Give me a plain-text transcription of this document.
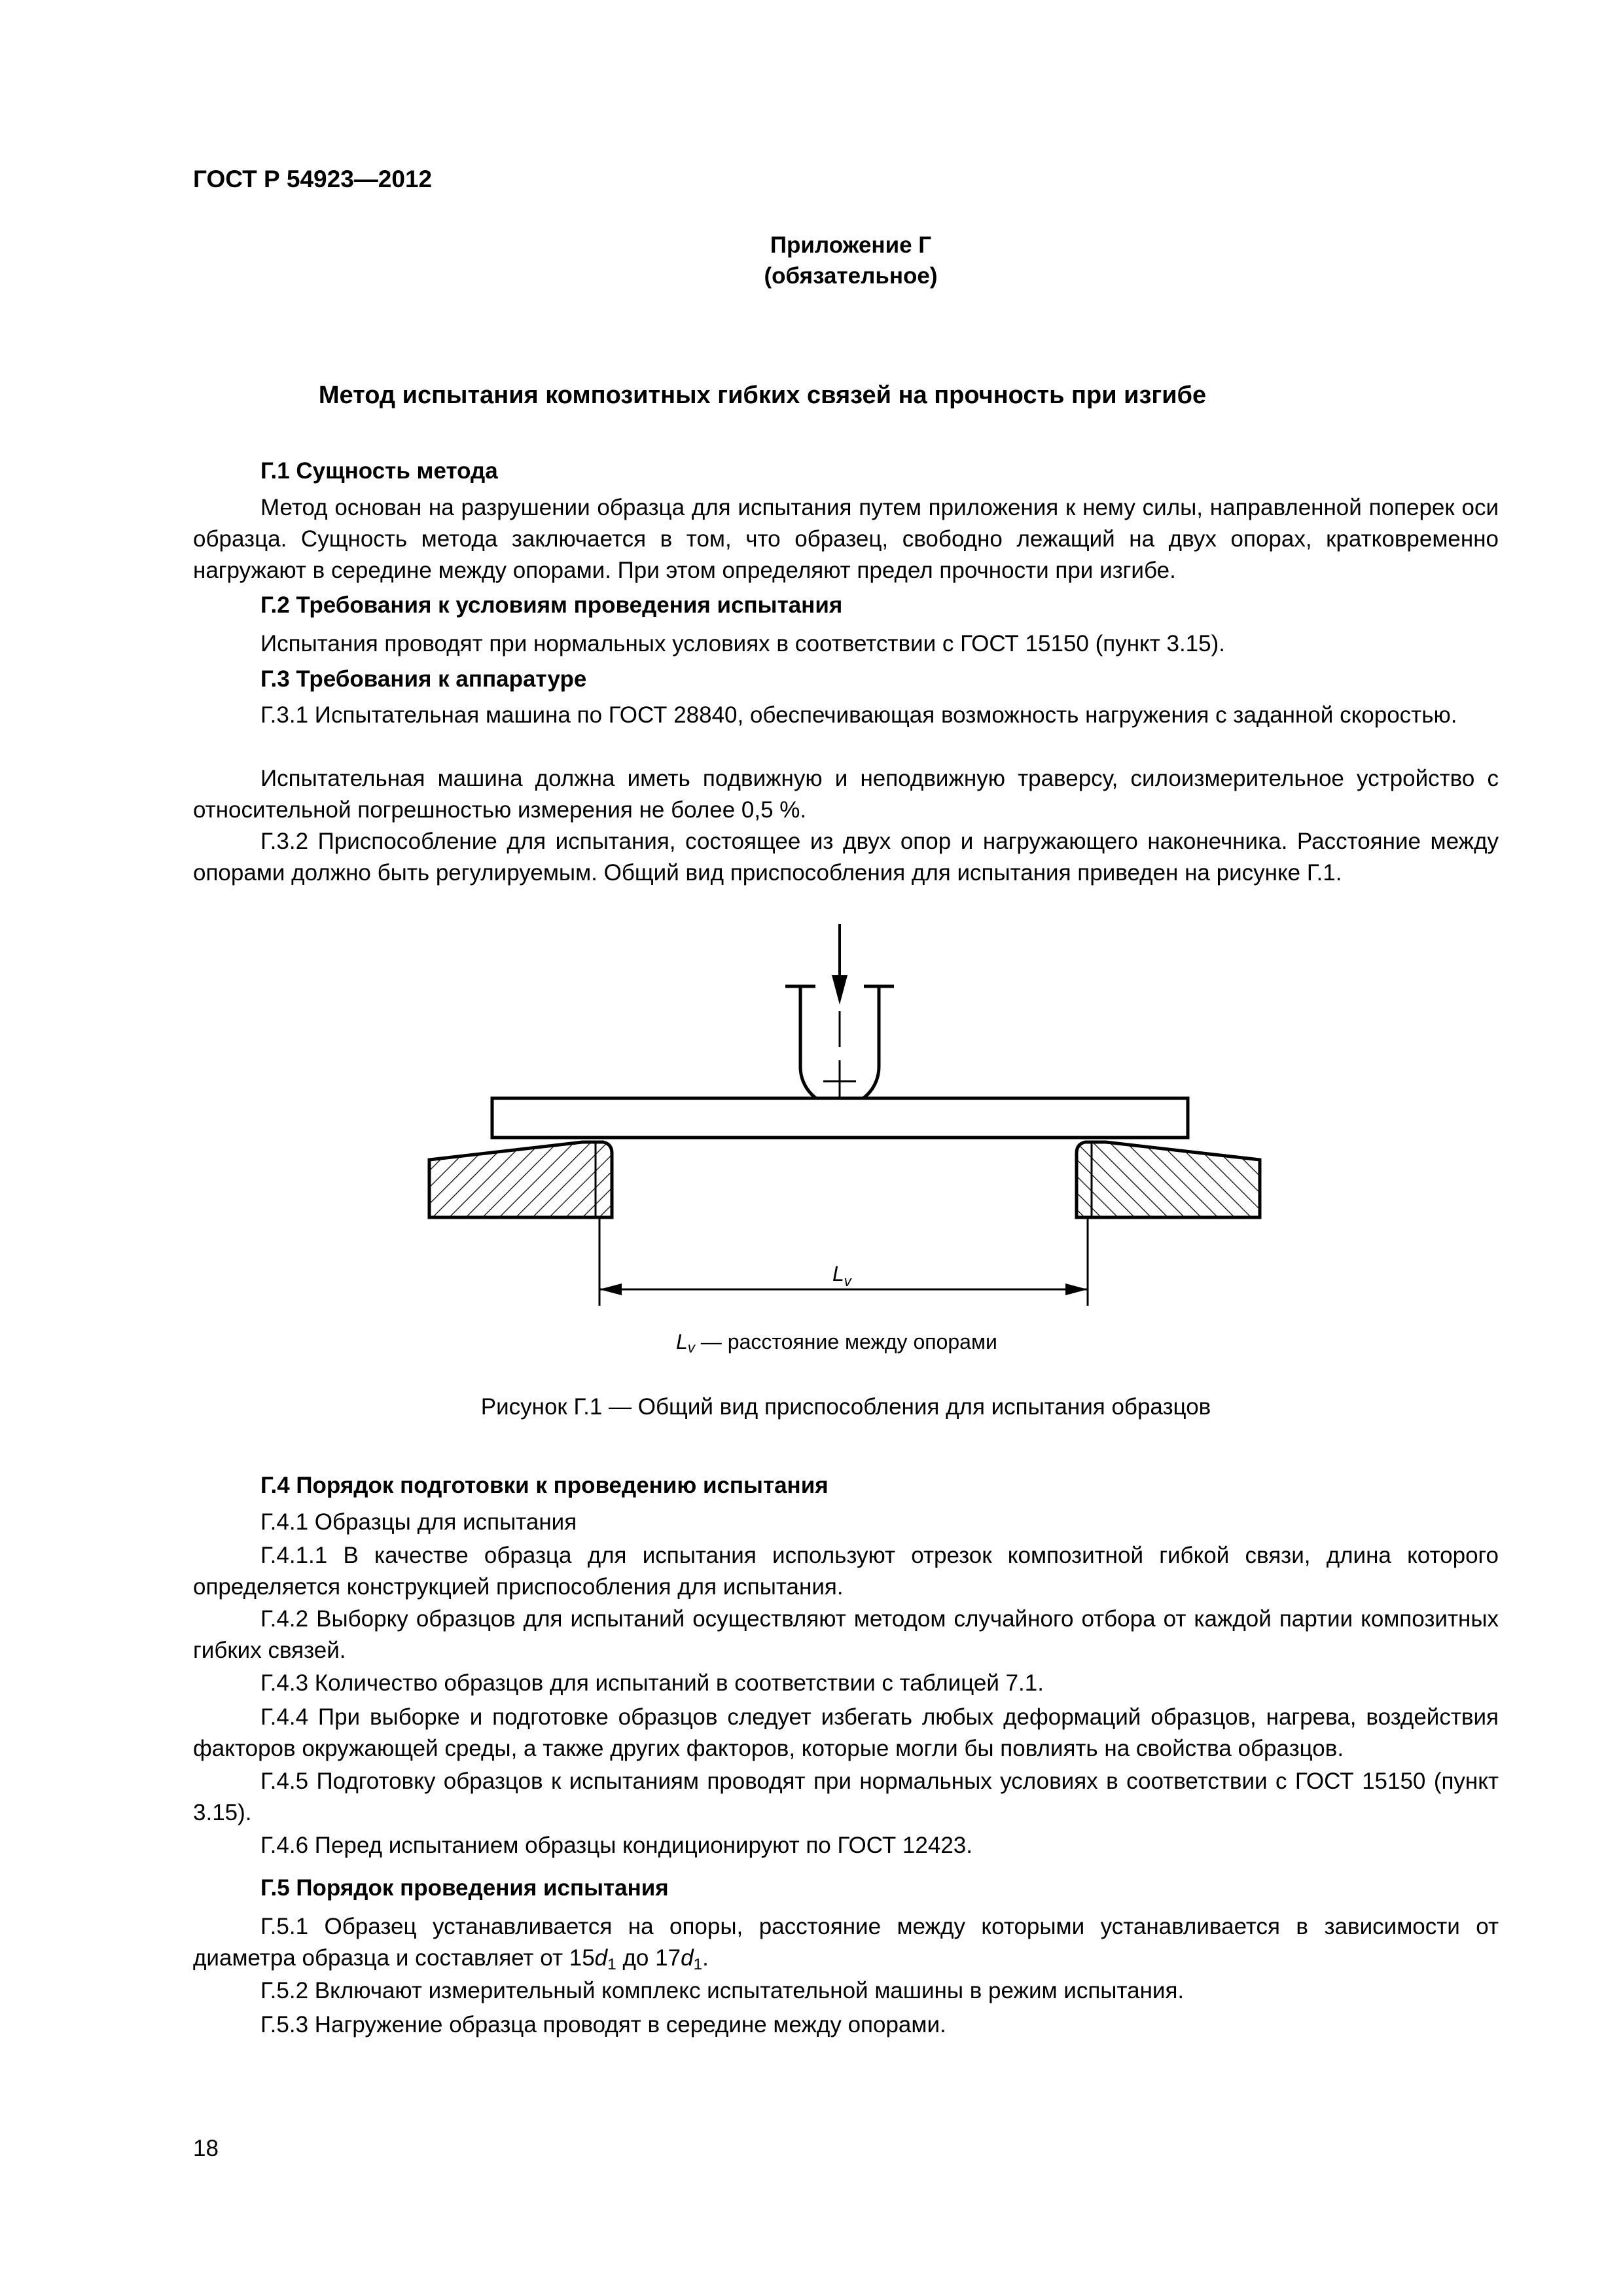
ГОСТ Р 54923—2012
Приложение Г
(обязательное)
Метод испытания композитных гибких связей на прочность при изгибе
Г.1 Сущность метода

Метод основан на разрушении образца для испытания путем приложения к нему силы, направленной поперек оси образца. Сущность метода заключается в том, что образец, свободно лежащий на двух опорах, кратковременно нагружают в середине между опорами. При этом определяют предел прочности при изгибе.

Г.2 Требования к условиям проведения испытания

Испытания проводят при нормальных условиях в соответствии с ГОСТ 15150 (пункт 3.15).

Г.3 Требования к аппаратуре

Г.3.1 Испытательная машина по ГОСТ 28840, обеспечивающая возможность нагружения с заданной скоростью.

Испытательная машина должна иметь подвижную и неподвижную траверсу, силоизмерительное устройство с относительной погрешностью измерения не более 0,5 %.

Г.3.2 Приспособление для испытания, состоящее из двух опор и нагружающего наконечника. Расстояние между опорами должно быть регулируемым. Общий вид приспособления для испытания приведен на рисунке Г.1.

$L_v$
$L_v$ — расстояние между опорами
Рисунок Г.1 — Общий вид приспособления для испытания образцов
Г.4 Порядок подготовки к проведению испытания

Г.4.1 Образцы для испытания

Г.4.1.1 В качестве образца для испытания используют отрезок композитной гибкой связи, длина которого определяется конструкцией приспособления для испытания.

Г.4.2 Выборку образцов для испытаний осуществляют методом случайного отбора от каждой партии композитных гибких связей.

Г.4.3 Количество образцов для испытаний в соответствии с таблицей 7.1.

Г.4.4 При выборке и подготовке образцов следует избегать любых деформаций образцов, нагрева, воздействия факторов окружающей среды, а также других факторов, которые могли бы повлиять на свойства образцов.

Г.4.5 Подготовку образцов к испытаниям проводят при нормальных условиях в соответствии с ГОСТ 15150 (пункт 3.15).

Г.4.6 Перед испытанием образцы кондиционируют по ГОСТ 12423.

Г.5 Порядок проведения испытания

Г.5.1 Образец устанавливается на опоры, расстояние между которыми устанавливается в зависимости от диаметра образца и составляет от $15d_1$ до $17d_1$.

Г.5.2 Включают измерительный комплекс испытательной машины в режим испытания.

Г.5.3 Нагружение образца проводят в середине между опорами.

18
